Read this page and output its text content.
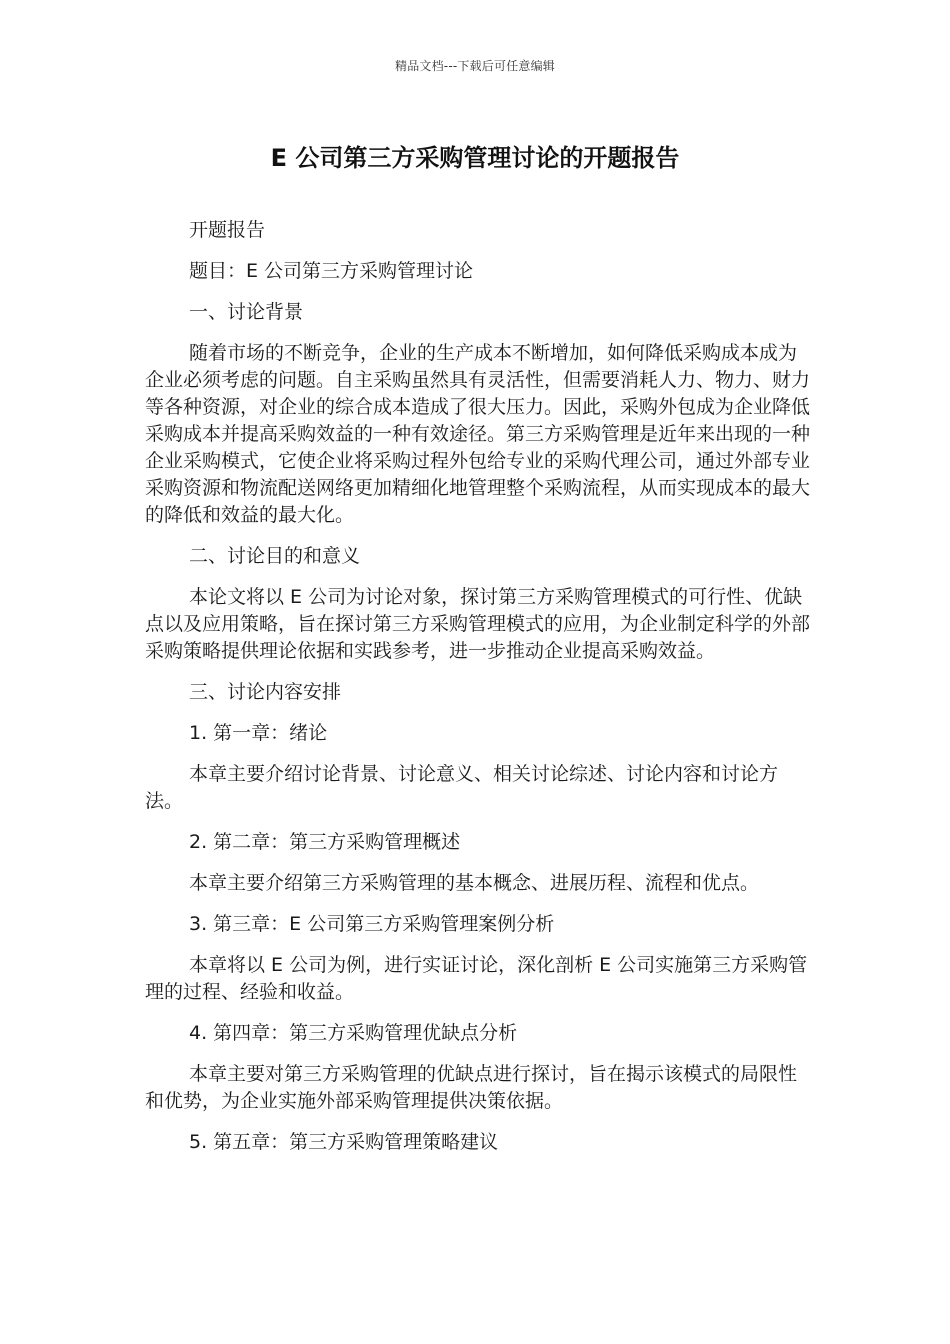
精品文档---下载后可任意编辑
E 公司第三方采购管理讨论的开题报告

开题报告

题目：E 公司第三方采购管理讨论

一、讨论背景

随着市场的不断竞争，企业的生产成本不断增加，如何降低采购成本成为企业必须考虑的问题。自主采购虽然具有灵活性，但需要消耗人力、物力、财力等各种资源，对企业的综合成本造成了很大压力。因此，采购外包成为企业降低采购成本并提高采购效益的一种有效途径。第三方采购管理是近年来出现的一种企业采购模式，它使企业将采购过程外包给专业的采购代理公司，通过外部专业采购资源和物流配送网络更加精细化地管理整个采购流程，从而实现成本的最大的降低和效益的最大化。

二、讨论目的和意义

本论文将以 E 公司为讨论对象，探讨第三方采购管理模式的可行性、优缺点以及应用策略，旨在探讨第三方采购管理模式的应用，为企业制定科学的外部采购策略提供理论依据和实践参考，进一步推动企业提高采购效益。

三、讨论内容安排

1. 第一章：绪论

本章主要介绍讨论背景、讨论意义、相关讨论综述、讨论内容和讨论方法。

2. 第二章：第三方采购管理概述

本章主要介绍第三方采购管理的基本概念、进展历程、流程和优点。

3. 第三章：E 公司第三方采购管理案例分析

本章将以 E 公司为例，进行实证讨论，深化剖析 E 公司实施第三方采购管理的过程、经验和收益。

4. 第四章：第三方采购管理优缺点分析

本章主要对第三方采购管理的优缺点进行探讨，旨在揭示该模式的局限性和优势，为企业实施外部采购管理提供决策依据。

5. 第五章：第三方采购管理策略建议
